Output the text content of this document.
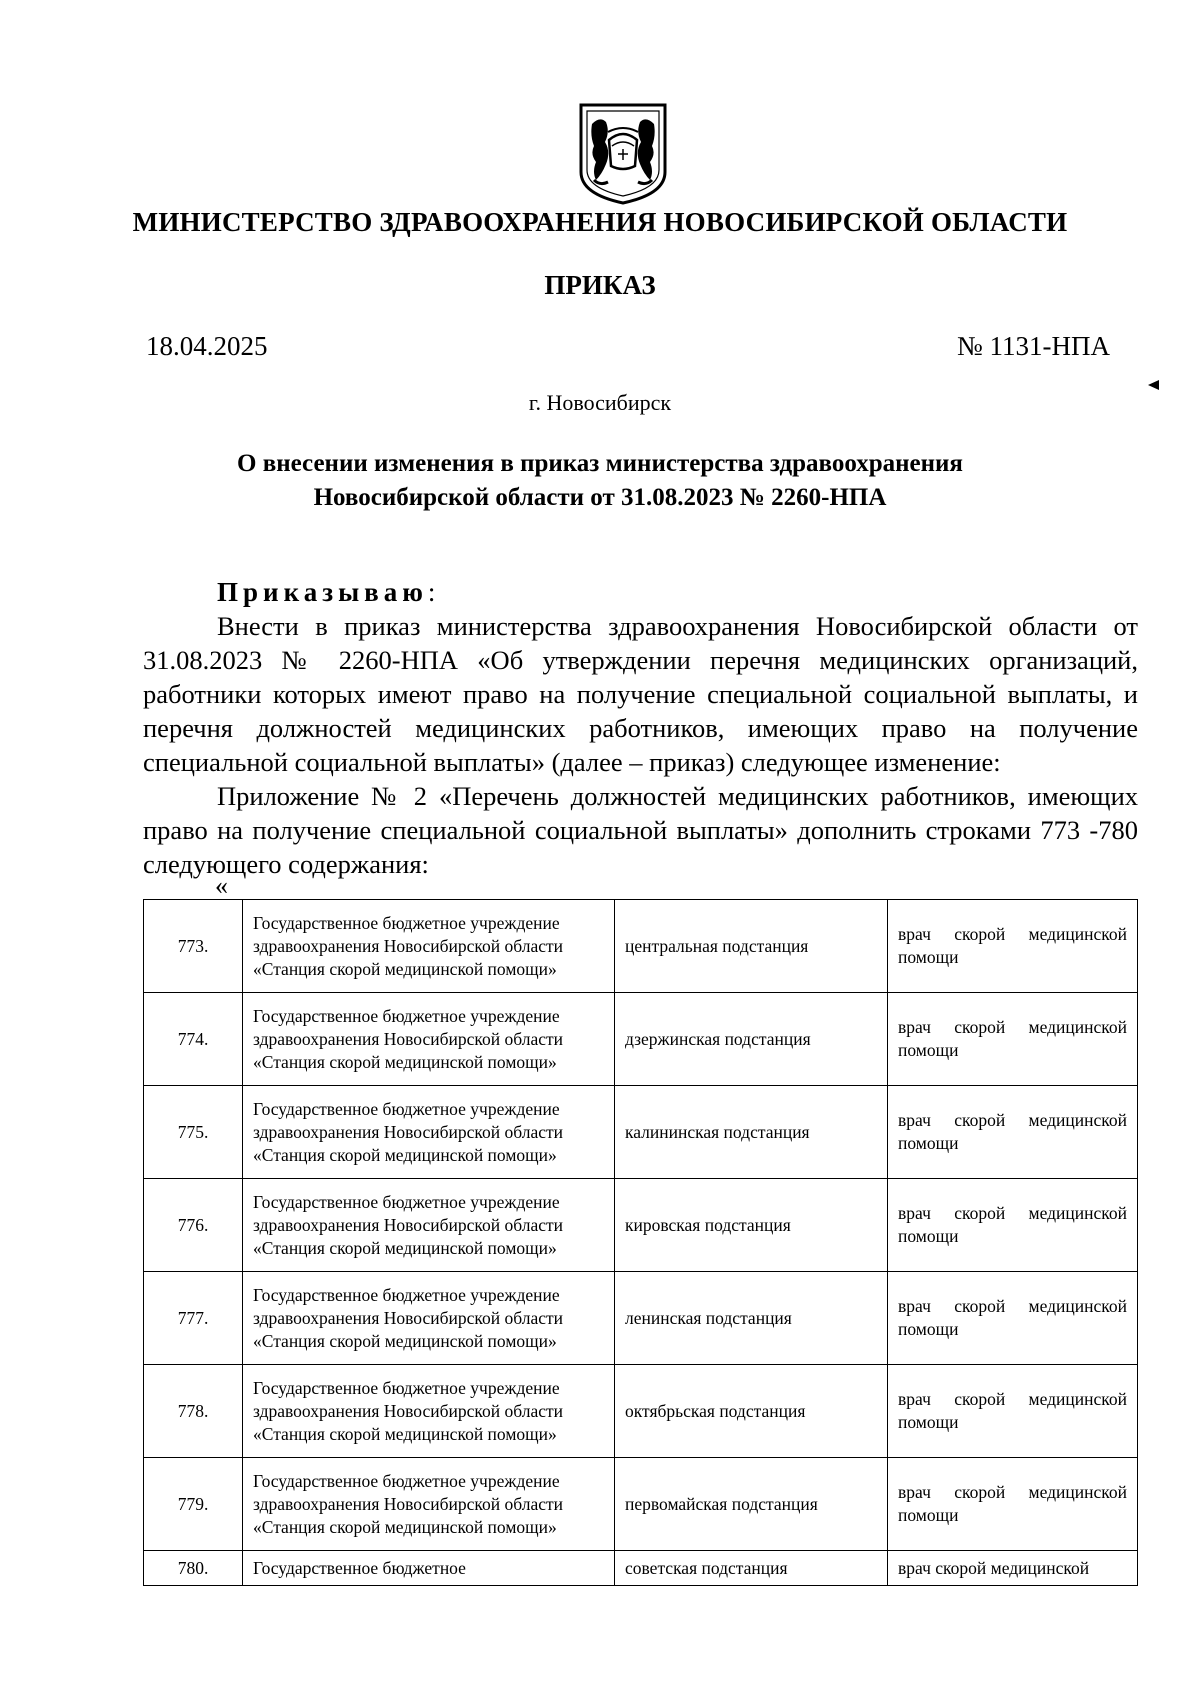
МИНИСТЕРСТВО ЗДРАВООХРАНЕНИЯ НОВОСИБИРСКОЙ ОБЛАСТИ
ПРИКАЗ
18.04.2025	№ 1131-НПА
г. Новосибирск
О внесении изменения в приказ министерства здравоохранения
Новосибирской области от 31.08.2023 № 2260-НПА
Приказываю:

Внести в приказ министерства здравоохранения Новосибирской области от 31.08.2023 № 2260-НПА «Об утверждении перечня медицинских организаций, работники которых имеют право на получение специальной социальной выплаты, и перечня должностей медицинских работников, имеющих право на получение специальной социальной выплаты» (далее – приказ) следующее изменение:

Приложение № 2 «Перечень должностей медицинских работников, имеющих право на получение специальной социальной выплаты» дополнить строками 773 -780 следующего содержания:

«
773.	Государственное бюджетное учреждение здравоохранения Новосибирской области «Станция скорой медицинской помощи»	центральная подстанция	врач скорой медицинской помощи
774.	Государственное бюджетное учреждение здравоохранения Новосибирской области «Станция скорой медицинской помощи»	дзержинская подстанция	врач скорой медицинской помощи
775.	Государственное бюджетное учреждение здравоохранения Новосибирской области «Станция скорой медицинской помощи»	калининская подстанция	врач скорой медицинской помощи
776.	Государственное бюджетное учреждение здравоохранения Новосибирской области «Станция скорой медицинской помощи»	кировская подстанция	врач скорой медицинской помощи
777.	Государственное бюджетное учреждение здравоохранения Новосибирской области «Станция скорой медицинской помощи»	ленинская подстанция	врач скорой медицинской помощи
778.	Государственное бюджетное учреждение здравоохранения Новосибирской области «Станция скорой медицинской помощи»	октябрьская подстанция	врач скорой медицинской помощи
779.	Государственное бюджетное учреждение здравоохранения Новосибирской области «Станция скорой медицинской помощи»	первомайская подстанция	врач скорой медицинской помощи
780.	Государственное бюджетное	советская подстанция	врач скорой медицинской
